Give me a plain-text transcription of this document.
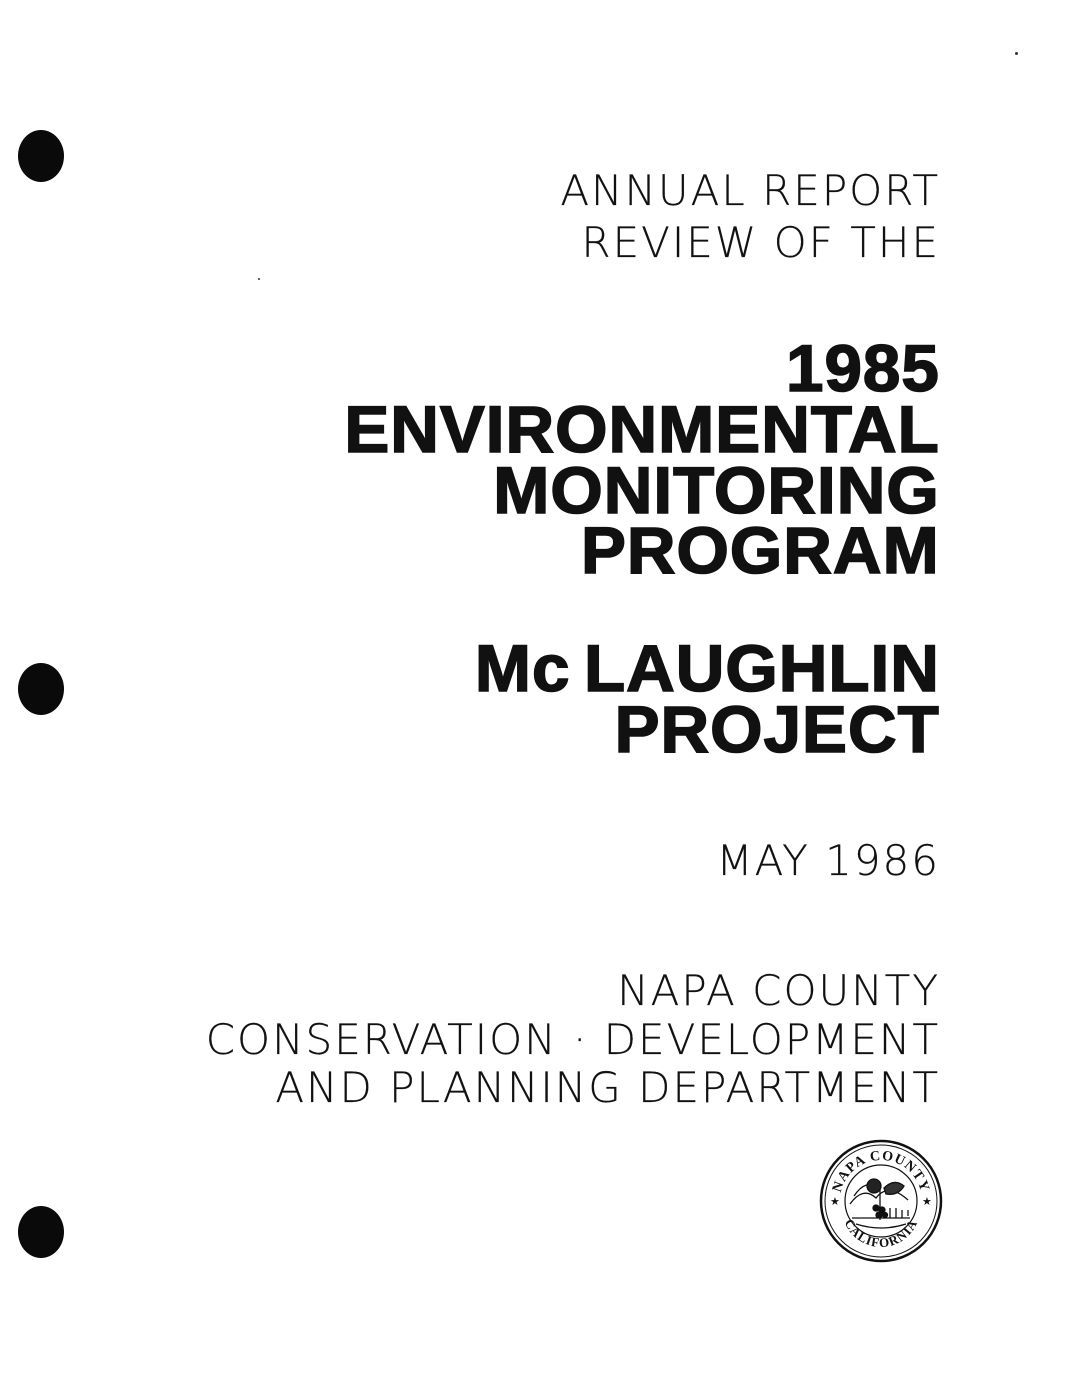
ANNUAL REPORT
REVIEW OF THE
1985
ENVIRONMENTAL
MONITORING
PROGRAM
Mc LAUGHLIN
PROJECT
MAY 1986
NAPA COUNTY
CONSERVATION · DEVELOPMENT
AND PLANNING DEPARTMENT
NAPA COUNTY
CALIFORNIA
★	★
